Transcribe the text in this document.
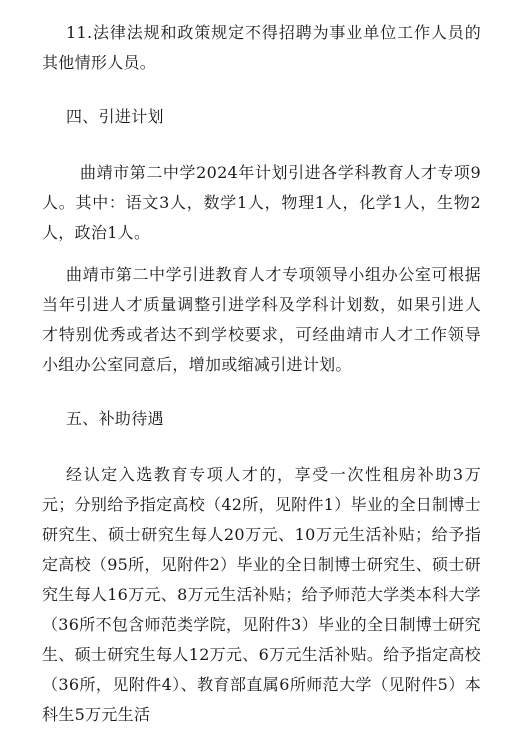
11.法律法规和政策规定不得招聘为事业单位工作人员的其他情形人员。

四、引进计划

曲靖市第二中学2024年计划引进各学科教育人才专项9人。其中：语文3人，数学1人，物理1人，化学1人，生物2人，政治1人。

曲靖市第二中学引进教育人才专项领导小组办公室可根据当年引进人才质量调整引进学科及学科计划数，如果引进人才特别优秀或者达不到学校要求，可经曲靖市人才工作领导小组办公室同意后，增加或缩减引进计划。

五、补助待遇

经认定入选教育专项人才的，享受一次性租房补助3万元；分别给予指定高校（42所，见附件1）毕业的全日制博士研究生、硕士研究生每人20万元、10万元生活补贴；给予指定高校（95所，见附件2）毕业的全日制博士研究生、硕士研究生每人16万元、8万元生活补贴；给予师范大学类本科大学（36所不包含师范类学院，见附件3）毕业的全日制博士研究生、硕士研究生每人12万元、6万元生活补贴。给予指定高校（36所，见附件4）、教育部直属6所师范大学（见附件5）本科生5万元生活
